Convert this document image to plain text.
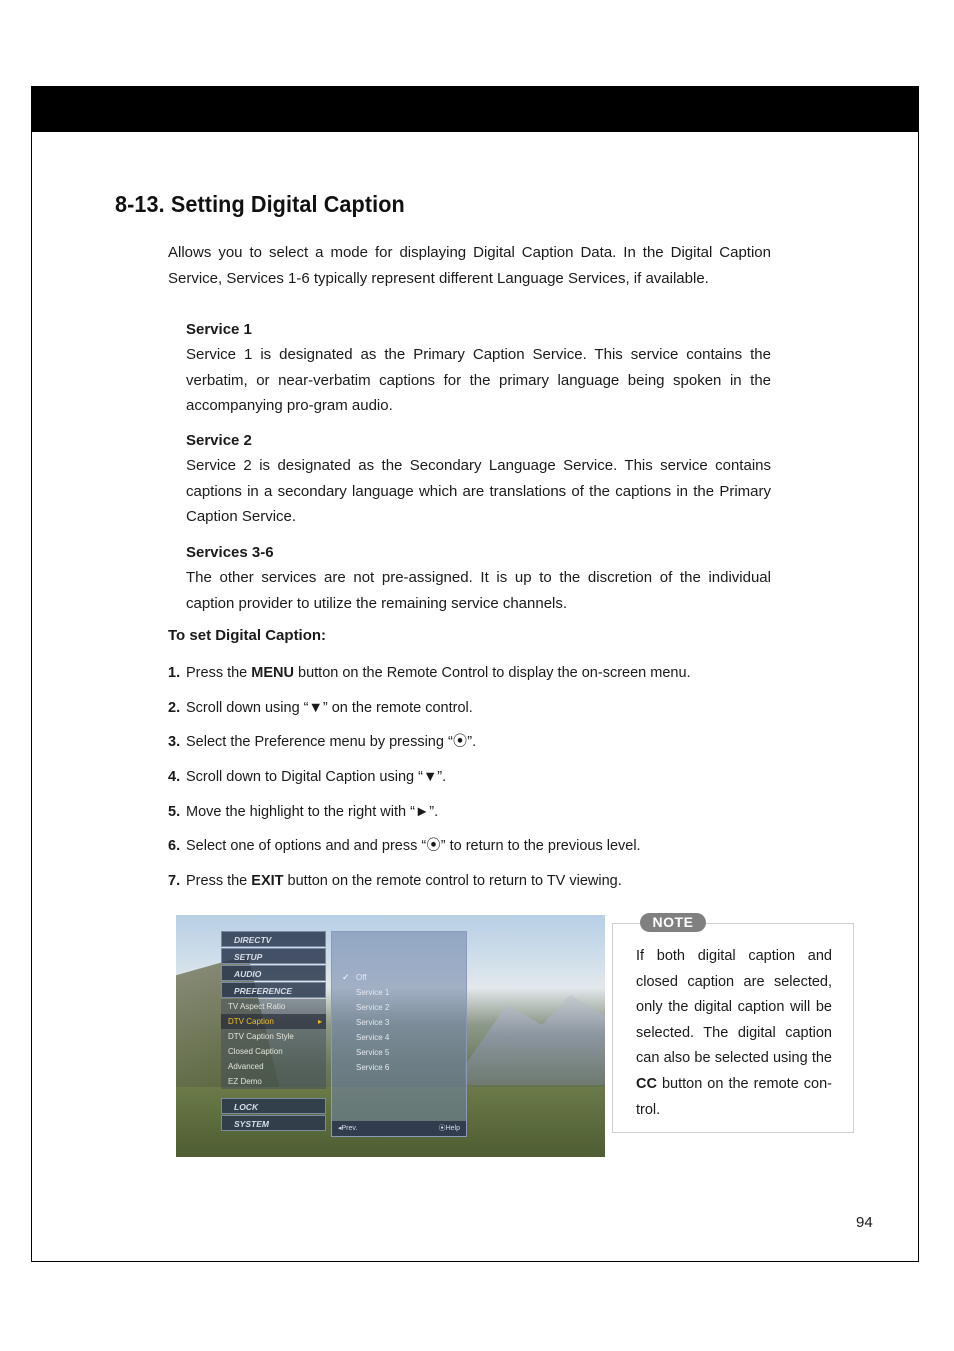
8-13. Setting Digital Caption

Allows you to select a mode for displaying Digital Caption Data. In the Digital Caption Service, Services 1-6 typically represent different Language Services, if available.

Service 1

Service 1 is designated as the Primary Caption Service. This service contains the verbatim, or near-verbatim captions for the primary language being spoken in the accompanying pro-gram audio.

Service 2

Service 2 is designated as the Secondary Language Service. This service contains captions in a secondary language which are translations of the captions in the Primary Caption Service.

Services 3-6

The other services are not pre-assigned. It is up to the discretion of the individual caption provider to utilize the remaining service channels.

To set Digital Caption:

1. Press the MENU button on the Remote Control to display the on-screen menu.
2. Scroll down using “▼” on the remote control.
3. Select the Preference menu by pressing “⦿”.
4. Scroll down to Digital Caption using “▼”.
5. Move the highlight to the right with “►”.
6. Select one of options and and press “⦿” to return to the previous level.
7. Press the EXIT button on the remote control to return to TV viewing.
DIRECTV
SETUP
AUDIO
PREFERENCE
TV Aspect Ratio
DTV Caption	▸
DTV Caption Style
Closed Caption
Advanced
EZ Demo
LOCK
SYSTEM
✓ Off
Service 1
Service 2
Service 3
Service 4
Service 5
Service 6
◂Prev.	⦿Help
NOTE

If both digital caption and closed caption are selected, only the digital caption will be selected. The digital caption can also be selected using the CC button on the remote con-trol.

94
